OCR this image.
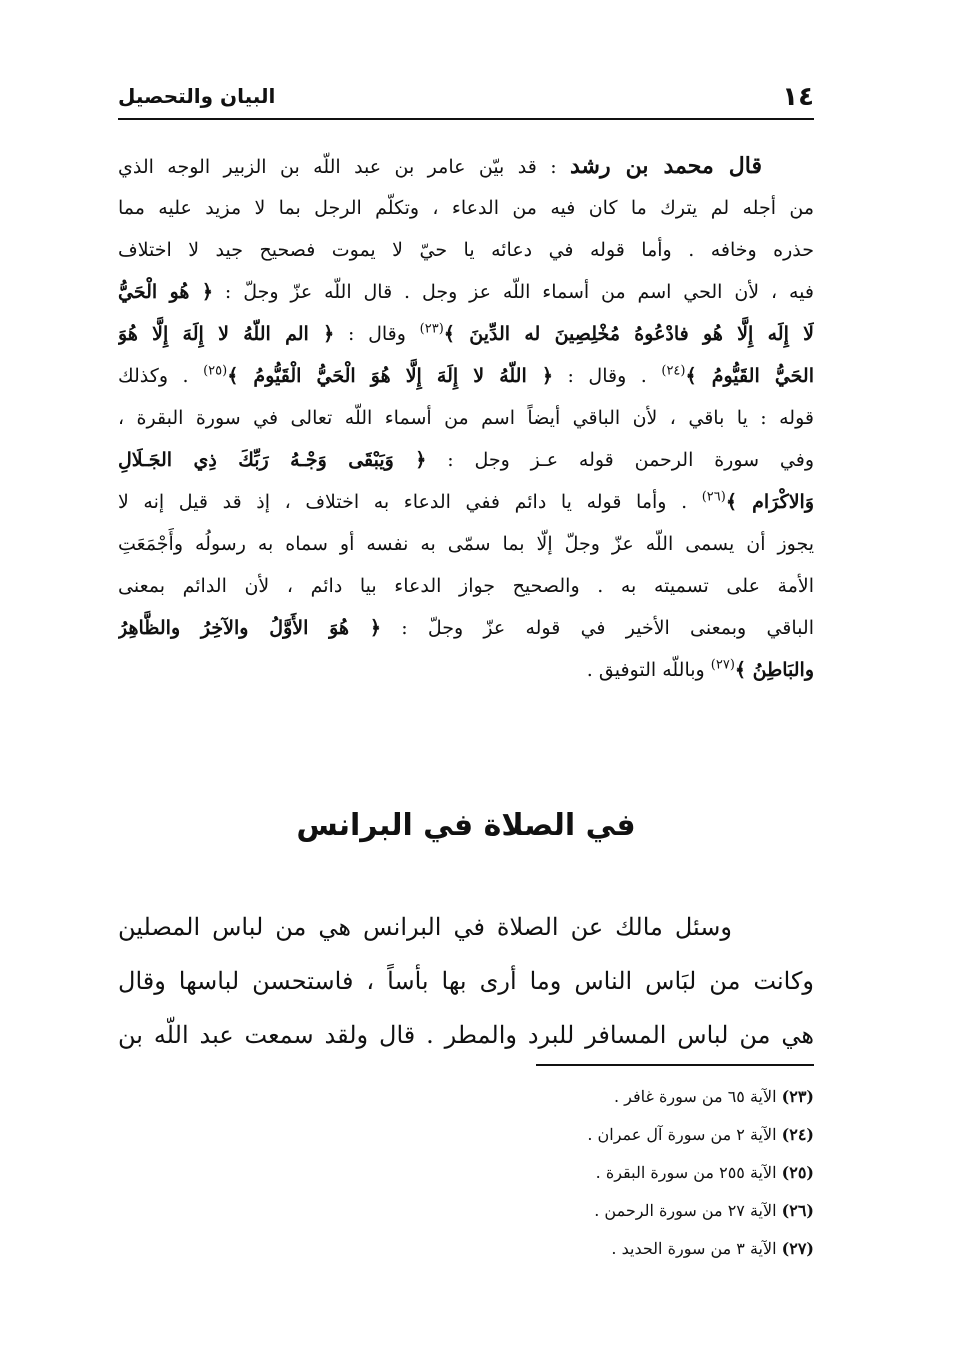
١٤
البيان والتحصيل
قال محمد بن رشد : قد بيّن عامر بن عبد اللّه بن الزبير الوجه الذي
من أجله لم يترك ما كان فيه من الدعاء ، وتكلّم الرجل بما لا مزيد عليه مما
حذره وخافه . وأما قوله في دعائه يا حيّ لا يموت فصحيح جيد لا اختلاف
فيه ، لأن الحي اسم من أسماء اللّه عز وجل . قال اللّه عزّ وجلّ : ﴿ هُو الْحَيُّ
لَا إِلَه إِلَّا هُو فادْعُوهُ مُخْلِصِينَ له الدِّينَ ﴾$^{(٢٣)}$ وقال : ﴿ الم اللّهُ لا إِلَهَ إِلَّا هُوَ
الحَيُّ القَيُّومُ ﴾$^{(٢٤)}$ . وقال : ﴿ اللّهُ لا إِلَهَ إِلَّا هُوَ الْحَيُّ الْقَيُّومُ ﴾$^{(٢٥)}$ . وكذلك
قوله : يا باقي ، لأن الباقي أيضاً اسم من أسماء اللّه تعالى في سورة البقرة ،
وفي سورة الرحمن قوله عـز وجل : ﴿ وَيَبْقَى وَجْـهُ رَبِّكَ ذِي الجَـلَالِ
وَالاكْرَام ﴾$^{(٢٦)}$ . وأما قوله يا دائم ففي الدعاء به اختلاف ، إذ قد قيل إنه لا
يجوز أن يسمى اللّه عزّ وجلّ إلّا بما سمّى به نفسه أو سماه به رسولُه وأَجْمَعَتِ
الأمة على تسميته به . والصحيح جواز الدعاء بيا دائم ، لأن الدائم بمعنى
الباقي وبمعنى الأخير في قوله عزّ وجلّ : ﴿ هُوَ الأَوَّلُ والآخِرُ والظَّاهِرُ
والبَاطِنُ ﴾$^{(٢٧)}$ وباللّه التوفيق .
في الصلاة في البرانس
وسئل مالك عن الصلاة في البرانس هي من لباس المصلين
وكانت من لبَاس الناس وما أرى بها بأساً ، فاستحسن لباسها وقال
هي من لباس المسافر للبرد والمطر . قال ولقد سمعت عبد اللّه بن
(٢٣) الآية ٦٥ من سورة غافر .
(٢٤) الآية ٢ من سورة آل عمران .
(٢٥) الآية ٢٥٥ من سورة البقرة .
(٢٦) الآية ٢٧ من سورة الرحمن .
(٢٧) الآية ٣ من سورة الحديد .
